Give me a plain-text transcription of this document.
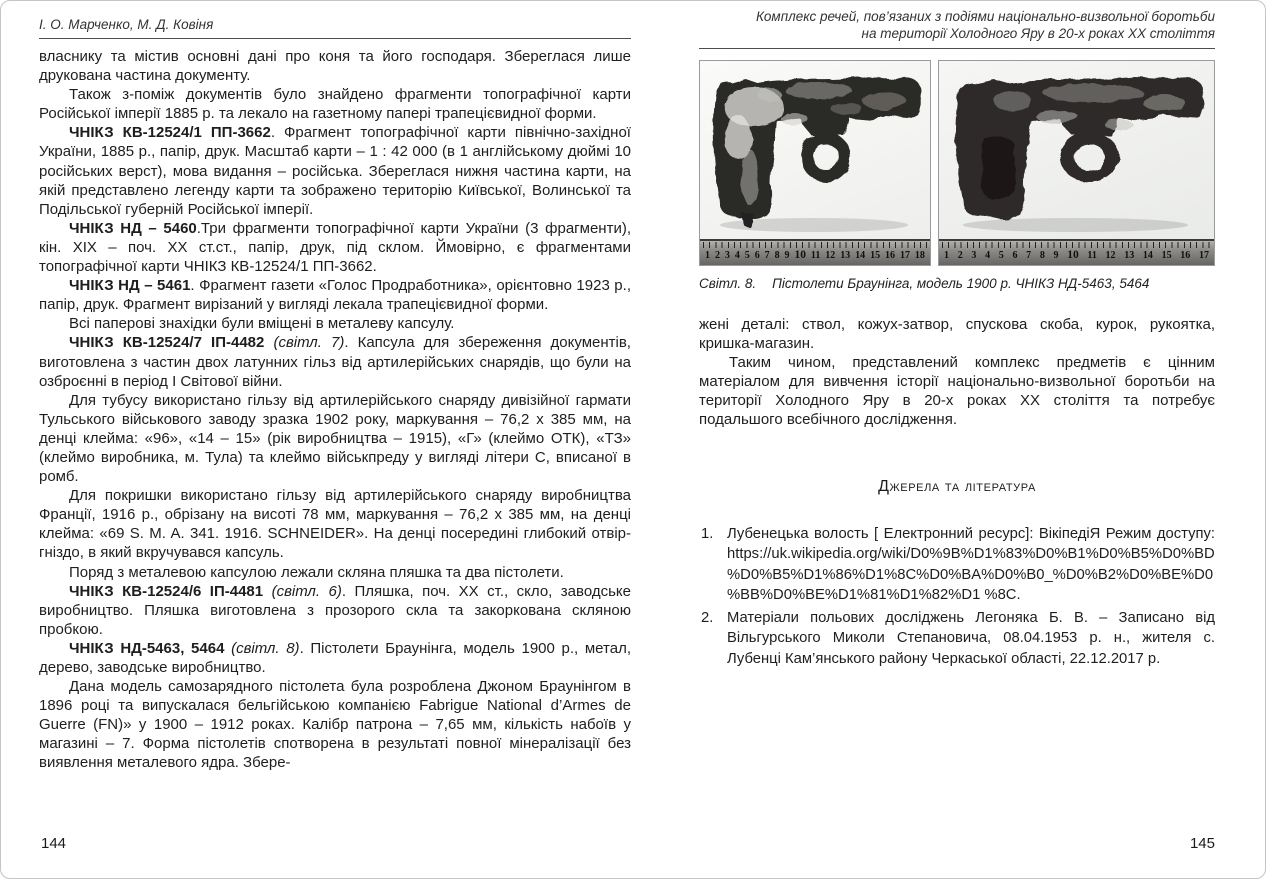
І. О. Марченко, М. Д. Ковіня

власнику та містив основні дані про коня та його господаря. Збереглася лише друкована частина документу.

Також з-поміж документів було знайдено фрагменти топографічної карти Російської імперії 1885 р. та лекало на газетному папері трапецієвидної форми.

ЧНІКЗ КВ-12524/1 ПП-3662. Фрагмент топографічної карти північно-західної України, 1885 р., папір, друк. Масштаб карти – 1 : 42 000 (в 1 англійському дюймі 10 російських верст), мова видання – російська. Збереглася нижня частина карти, на якій представлено легенду карти та зображено територію Київської, Волинської та Подільської губерній Російської імперії.

ЧНІКЗ НД – 5460.Три фрагменти топографічної карти України (3 фрагменти), кін. XIX – поч. XX ст.ст., папір, друк, під склом. Ймовірно, є фрагментами топографічної карти ЧНІКЗ КВ-12524/1 ПП-3662.

ЧНІКЗ НД – 5461. Фрагмент газети «Голос Продработника», орієнтовно 1923 р., папір, друк. Фрагмент вирізаний у вигляді лекала трапецієвидної форми.

Всі паперові знахідки були вміщені в металеву капсулу.

ЧНІКЗ КВ-12524/7 ІП-4482 (світл. 7). Капсула для збереження документів, виготовлена з частин двох латунних гільз від артилерійських снарядів, що були на озброєнні в період І Світової війни.

Для тубусу використано гільзу від артилерійського снаряду дивізійної гармати Тульського військового заводу зразка 1902 року, маркування – 76,2 х 385 мм, на денці клейма: «96», «14 – 15» (рік виробництва – 1915), «Г» (клеймо ОТК), «ТЗ» (клеймо виробника, м. Тула) та клеймо військпреду у вигляді літери С, вписаної в ромб.

Для покришки використано гільзу від артилерійського снаряду виробництва Франції, 1916 р., обрізану на висоті 78 мм, маркування – 76,2 х 385 мм, на денці клейма: «69 S. M. A. 341. 1916. SCHNEIDER». На денці посередині глибокий отвір-гніздо, в який вкручувався капсуль.

Поряд з металевою капсулою лежали скляна пляшка та два пістолети.

ЧНІКЗ КВ-12524/6 ІП-4481 (світл. 6). Пляшка, поч. XX ст., скло, заводське виробництво. Пляшка виготовлена з прозорого скла та закоркована скляною пробкою.

ЧНІКЗ НД-5463, 5464 (світл. 8). Пістолети Браунінга, модель 1900 р., метал, дерево, заводське виробництво.

Дана модель самозарядного пістолета була розроблена Джоном Браунінгом в 1896 році та випускалася бельгійською компанією Fabrigue National d’Armes de Guerre (FN)» у 1900 – 1912 роках. Калібр патрона – 7,65 мм, кількість набоїв у магазині – 7. Форма пістолетів спотворена в результаті повної мінералізації без виявлення металевого ядра. Збере-

Комплекс речей, пов’язаних з подіями національно-визвольної боротьби
на території Холодного Яру в 20-х роках ХХ століття
1 2 3 4 5 6 7 8 9 10 11 12 13 14 15 16 17 18 1 2 3 4 5 6 7 8 9 10 11 12 13 14 15 16 17
Світл. 8. Пістолети Браунінга, модель 1900 р. ЧНІКЗ НД-5463, 5464

жені деталі: ствол, кожух-затвор, спускова скоба, курок, рукоятка, кришка-магазин.

Таким чином, представлений комплекс предметів є цінним матеріалом для вивчення історії національно-визвольної боротьби на території Холодного Яру в 20-х роках ХХ століття та потребує подальшого всебічного дослідження.

Джерела та література
1. Лубенецька волость [ Електронний ресурс]: ВікіпедіЯ Режим доступу: https://uk.wikipedia.org/wiki/D0%9B%D1%83%D0%B1%D0%B5%D0%BD%D0%B5%D1%86%D1%8C%D0%BA%D0%B0_%D0%B2%D0%BE%D0%BB%D0%BE%D1%81%D1%82%D1 %8C.
2. Матеріали польових досліджень Легоняка Б. В. – Записано від Вільгурського Миколи Степановича, 08.04.1953 р. н., жителя с. Лубенці Кам’янського району Черкаської області, 22.12.2017 р.
144	145
